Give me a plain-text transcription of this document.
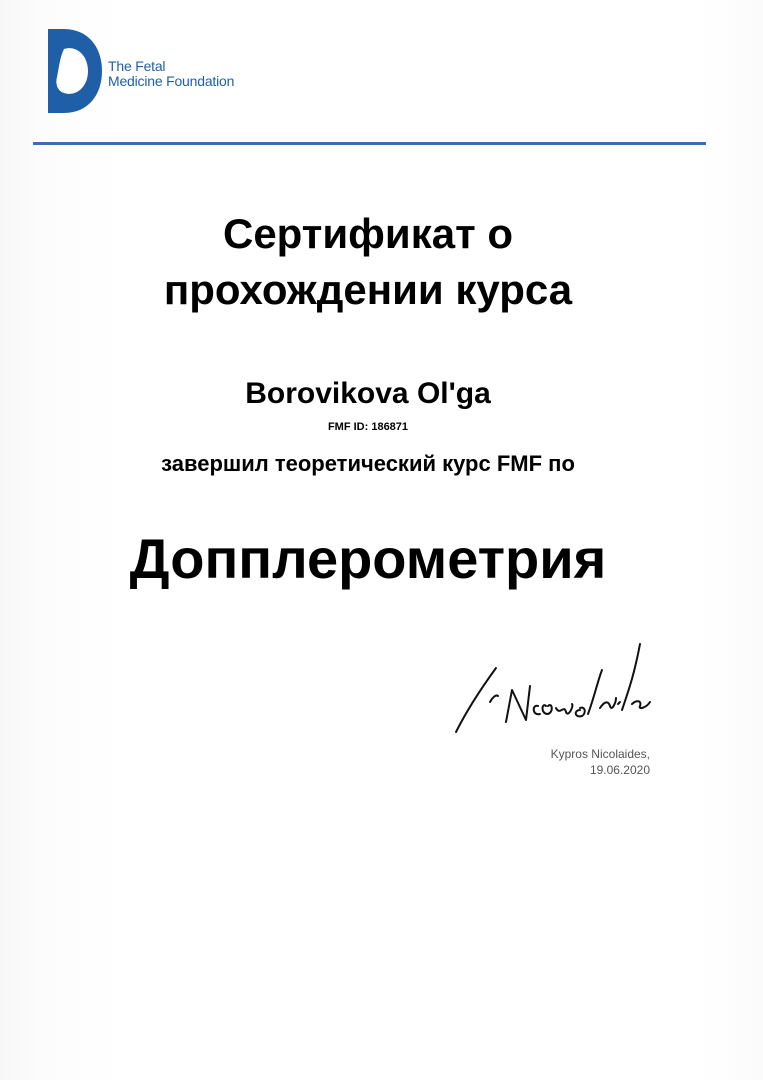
The Fetal
Medicine Foundation
Сертификат о
прохождении курса
Borovikova Ol'ga
FMF ID: 186871
завершил теоретический курс FMF по
Допплерометрия
Kypros Nicolaides,
19.06.2020
